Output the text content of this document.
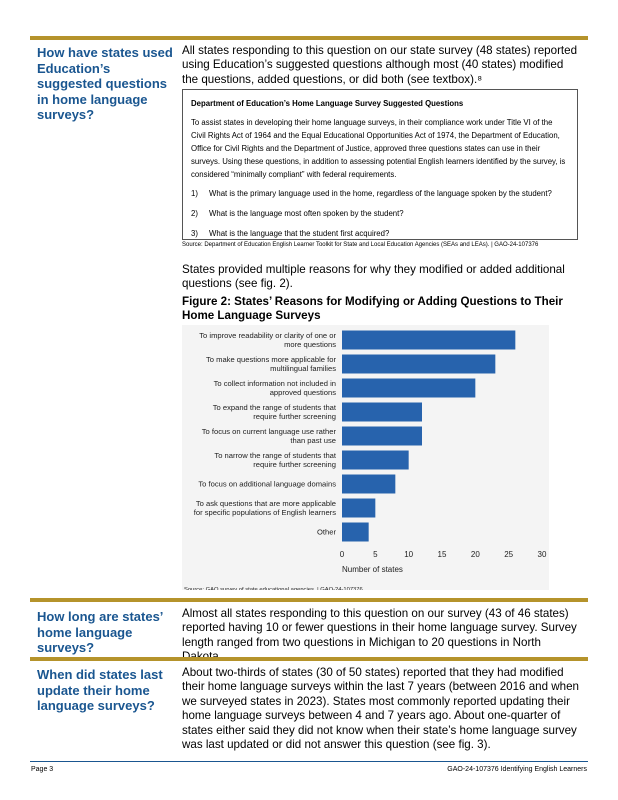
How have states used Education’s suggested questions in home language surveys?
All states responding to this question on our state survey (48 states) reported using Education’s suggested questions although most (40 states) modified the questions, added questions, or did both (see textbox).⁸
Department of Education’s Home Language Survey Suggested Questions
To assist states in developing their home language surveys, in their compliance work under Title VI of the Civil Rights Act of 1964 and the Equal Educational Opportunities Act of 1974, the Department of Education, Office for Civil Rights and the Department of Justice, approved three questions states can use in their surveys. Using these questions, in addition to assessing potential English learners identified by the survey, is considered “minimally compliant” with federal requirements.
1)	What is the primary language used in the home, regardless of the language spoken by the student?
2)	What is the language most often spoken by the student?
3)	What is the language that the student first acquired?
Source: Department of Education English Learner Toolkit for State and Local Education Agencies (SEAs and LEAs). | GAO-24-107376
States provided multiple reasons for why they modified or added additional questions (see fig. 2).
Figure 2: States’ Reasons for Modifying or Adding Questions to Their Home Language Surveys
To improve readability or clarity of one or more questions
To make questions more applicable for multilingual families
To collect information not included in approved questions
To expand the range of students that require further screening
To focus on current language use rather than past use
To narrow the range of students that require further screening
To focus on additional language domains
To ask questions that are more applicable for specific populations of English learners
Other
0	5	10	15	20	25	30
Number of states
Source: GAO survey of state educational agencies. | GAO-24-107376
How long are states’ home language surveys?
Almost all states responding to this question on our survey (43 of 46 states) reported having 10 or fewer questions in their home language survey. Survey length ranged from two questions in Michigan to 20 questions in North
When did states last update their home language surveys?
About two-thirds of states (30 of 50 states) reported that they had modified their home language surveys within the last 7 years (between 2016 and when we surveyed states in 2023). States most commonly reported updating their home language surveys between 4 and 7 years ago. About one-quarter of states either said they did not know when their state’s home language survey was last updated or did not answer this question (see fig. 3).
Page 3	GAO-24-107376 Identifying English Learners
